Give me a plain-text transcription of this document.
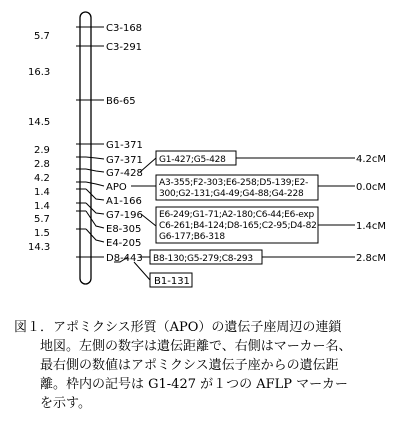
5.7
16.3
14.5
2.9
2.8
4.2
1.4
1.4
5.7
1.5
14.3
C3-168
C3-291
B6-65
G1-371
G7-371
G7-428
APO
A1-166
G7-196
E8-305
E4-205
D8-443
G1-427;G5-428
A3-355;F2-303;E6-258;D5-139;E2-
300;G2-131;G4-49;G4-88;G4-228
E6-249;G1-71;A2-180;C6-44;E6-exp
C6-261;B4-124;D8-165;C2-95;D4-82
G6-177;B6-318
B8-130;G5-279;C8-293
B1-131
4.2cM
0.0cM
1.4cM
2.8cM
図１．アポミクシス形質（APO）の遺伝子座周辺の連鎖
　　地図。左側の数字は遺伝距離で、右側はマーカー名、
　　最右側の数値はアポミクシス遺伝子座からの遺伝距
　　離。枠内の記号は G1-427 が１つの AFLP マーカー
　　を示す。
